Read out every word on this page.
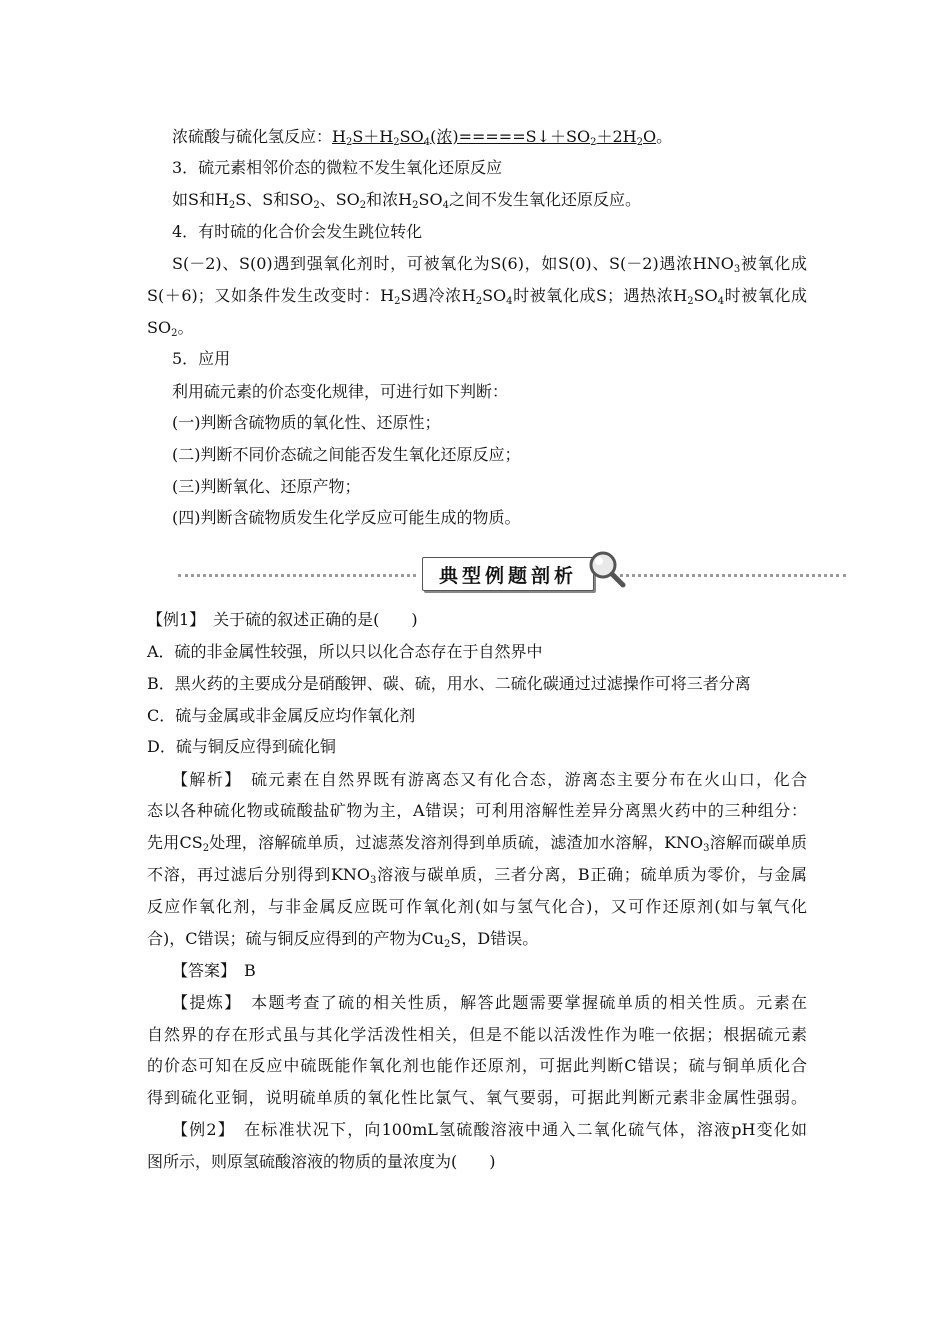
浓硫酸与硫化氢反应：$H_2S+H_2SO_4$(浓)$=====S↓+SO_2+2H_2O$。
3．硫元素相邻价态的微粒不发生氧化还原反应
如S和$H_2S$、S和$SO_2$、$SO_2$和浓$H_2SO_4$之间不发生氧化还原反应。
4．有时硫的化合价会发生跳位转化
S(－2)、S(0)遇到强氧化剂时，可被氧化为S(6)，如S(0)、S(－2)遇浓$HNO_3$被氧化成
S(＋6)；又如条件发生改变时：$H_2S$遇冷浓$H_2SO_4$时被氧化成S；遇热浓$H_2SO_4$时被氧化成
$SO_2$。
5．应用
利用硫元素的价态变化规律，可进行如下判断：
(一)判断含硫物质的氧化性、还原性；
(二)判断不同价态硫之间能否发生氧化还原反应；
(三)判断氧化、还原产物；
(四)判断含硫物质发生化学反应可能生成的物质。
典型例题剖析
【例1】　关于硫的叙述正确的是(　　)
A．硫的非金属性较强，所以只以化合态存在于自然界中
B．黑火药的主要成分是硝酸钾、碳、硫，用水、二硫化碳通过过滤操作可将三者分离
C．硫与金属或非金属反应均作氧化剂
D．硫与铜反应得到硫化铜
【解析】　硫元素在自然界既有游离态又有化合态，游离态主要分布在火山口，化合
态以各种硫化物或硫酸盐矿物为主，A错误；可利用溶解性差异分离黑火药中的三种组分：
先用$CS_2$处理，溶解硫单质，过滤蒸发溶剂得到单质硫，滤渣加水溶解，$KNO_3$溶解而碳单质
不溶，再过滤后分别得到$KNO_3$溶液与碳单质，三者分离，B正确；硫单质为零价，与金属
反应作氧化剂，与非金属反应既可作氧化剂(如与氢气化合)，又可作还原剂(如与氧气化
合)，C错误；硫与铜反应得到的产物为$Cu_2S$，D错误。
【答案】　B
【提炼】　本题考查了硫的相关性质，解答此题需要掌握硫单质的相关性质。元素在
自然界的存在形式虽与其化学活泼性相关，但是不能以活泼性作为唯一依据；根据硫元素
的价态可知在反应中硫既能作氧化剂也能作还原剂，可据此判断C错误；硫与铜单质化合
得到硫化亚铜，说明硫单质的氧化性比氯气、氧气要弱，可据此判断元素非金属性强弱。
【例2】　在标准状况下，向100mL氢硫酸溶液中通入二氧化硫气体，溶液pH变化如
图所示，则原氢硫酸溶液的物质的量浓度为(　　)
